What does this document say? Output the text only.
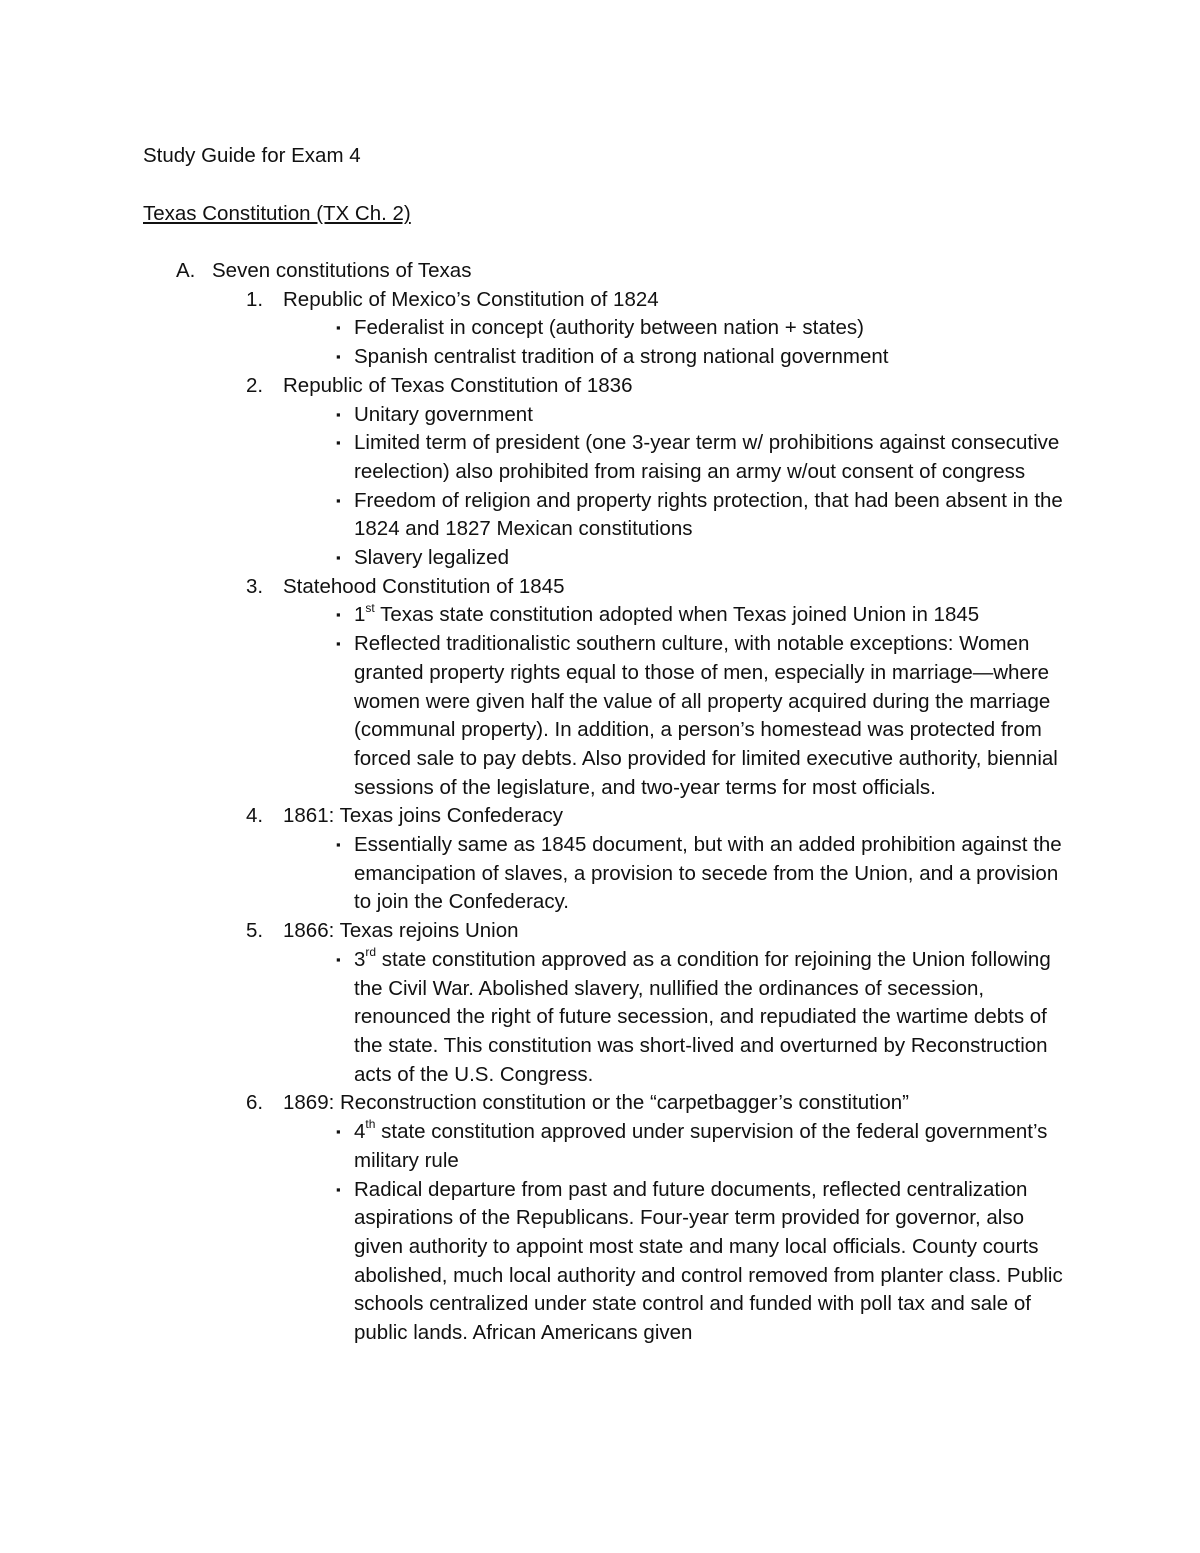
Study Guide for Exam 4
Texas Constitution (TX Ch. 2)
A. Seven constitutions of Texas
1. Republic of Mexico’s Constitution of 1824
▪ Federalist in concept (authority between nation + states)
▪ Spanish centralist tradition of a strong national government
2. Republic of Texas Constitution of 1836
▪ Unitary government
▪ Limited term of president (one 3-year term w/ prohibitions against consecutive reelection) also prohibited from raising an army w/out consent of congress
▪ Freedom of religion and property rights protection, that had been absent in the 1824 and 1827 Mexican constitutions
▪ Slavery legalized
3. Statehood Constitution of 1845
▪ 1st Texas state constitution adopted when Texas joined Union in 1845
▪ Reflected traditionalistic southern culture, with notable exceptions: Women granted property rights equal to those of men, especially in marriage—where women were given half the value of all property acquired during the marriage (communal property). In addition, a person’s homestead was protected from forced sale to pay debts. Also provided for limited executive authority, biennial sessions of the legislature, and two-year terms for most officials.
4. 1861: Texas joins Confederacy
▪ Essentially same as 1845 document, but with an added prohibition against the emancipation of slaves, a provision to secede from the Union, and a provision to join the Confederacy.
5. 1866: Texas rejoins Union
▪ 3rd state constitution approved as a condition for rejoining the Union following the Civil War. Abolished slavery, nullified the ordinances of secession, renounced the right of future secession, and repudiated the wartime debts of the state. This constitution was short-lived and overturned by Reconstruction acts of the U.S. Congress.
6. 1869: Reconstruction constitution or the “carpetbagger’s constitution”
▪ 4th state constitution approved under supervision of the federal government’s military rule
▪ Radical departure from past and future documents, reflected centralization aspirations of the Republicans. Four-year term provided for governor, also given authority to appoint most state and many local officials. County courts abolished, much local authority and control removed from planter class. Public schools centralized under state control and funded with poll tax and sale of public lands. African Americans given
